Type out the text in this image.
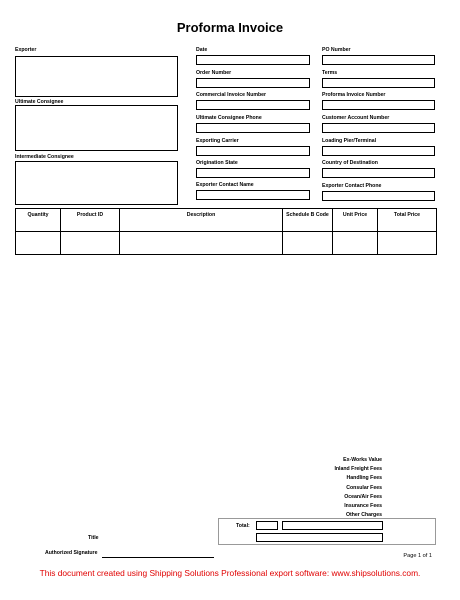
Proforma Invoice
Exporter
Ultimate Consignee
Intermediate Consignee
Date
Order Number
Commercial Invoice Number
Ultimate Consignee Phone
Exporting Carrier
Origination State
Exporter Contact Name
PO Number
Terms
Proforma Invoice Number
Customer Account Number
Loading Pier/Terminal
Country of Destination
Exporter Contact Phone
Quantity	Product ID	Description	Schedule B Code	Unit Price	Total Price

Ex-Works Value
Inland Freight Fees
Handling Fees
Consular Fees
Ocean/Air Fees
Insurance Fees
Other Charges
Total:
Title
Authorized Signature	Page 1 of 1
This document created using Shipping Solutions Professional export software: www.shipsolutions.com.
